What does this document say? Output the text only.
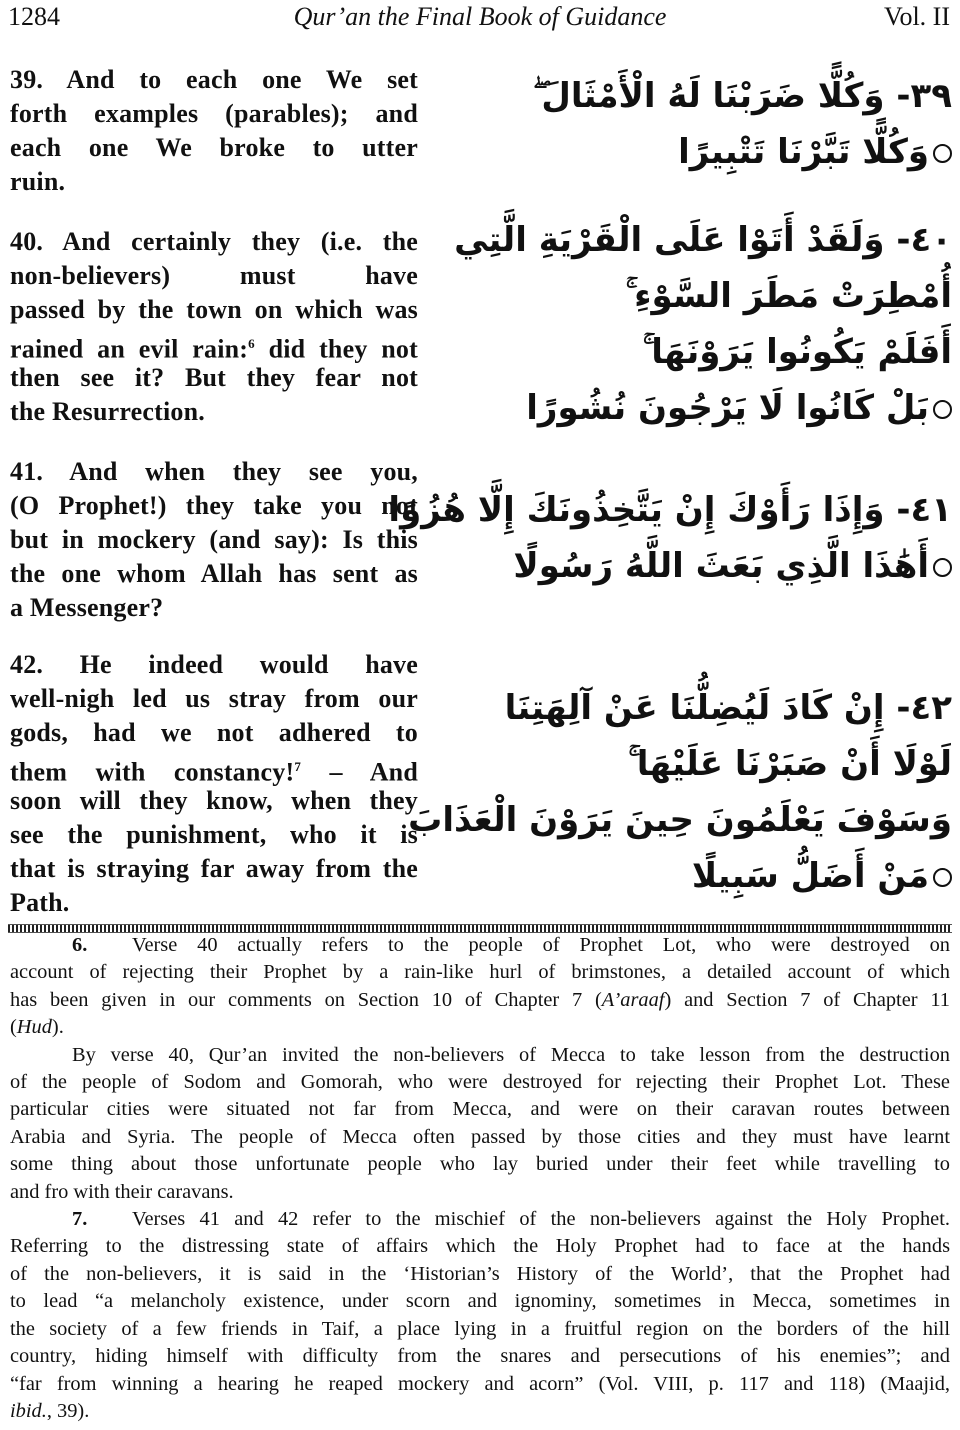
1284	Qur’an the Final Book of Guidance	Vol. II
39. And to each one We set
forth examples (parables); and
each one We broke to utter
ruin.
٣٩- وَكُلًّا ضَرَبْنَا لَهُ الْأَمْثَالَ ۖ
وَكُلًّا تَبَّرْنَا تَتْبِيرًا
40. And certainly they (i.e. the
non-believers) must have
passed by the town on which was
rained an evil rain:$^6$ did they not
then see it? But they fear not
the Resurrection.
٤٠- وَلَقَدْ أَتَوْا عَلَى الْقَرْيَةِ الَّتِي
أُمْطِرَتْ مَطَرَ السَّوْءِ ۚ
أَفَلَمْ يَكُونُوا يَرَوْنَهَا ۚ
بَلْ كَانُوا لَا يَرْجُونَ نُشُورًا
41. And when they see you,
(O Prophet!) they take you not
but in mockery (and say): Is this
the one whom Allah has sent as
a Messenger?
٤١- وَإِذَا رَأَوْكَ إِنْ يَتَّخِذُونَكَ إِلَّا هُزُوًا
أَهَٰذَا الَّذِي بَعَثَ اللَّهُ رَسُولًا
42. He indeed would have
well-nigh led us stray from our
gods, had we not adhered to
them with constancy!$^7$ – And
soon will they know, when they
see the punishment, who it is
that is straying far away from the
Path.
٤٢- إِنْ كَادَ لَيُضِلُّنَا عَنْ آلِهَتِنَا
لَوْلَا أَنْ صَبَرْنَا عَلَيْهَا ۚ
وَسَوْفَ يَعْلَمُونَ حِينَ يَرَوْنَ الْعَذَابَ
مَنْ أَضَلُّ سَبِيلًا

6. Verse 40 actually refers to the people of Prophet Lot, who were destroyed on
account of rejecting their Prophet by a rain-like hurl of brimstones, a detailed account of which
has been given in our comments on Section 10 of Chapter 7 (A’araaf) and Section 7 of Chapter 11
(Hud).

By verse 40, Qur’an invited the non-believers of Mecca to take lesson from the destruction
of the people of Sodom and Gomorah, who were destroyed for rejecting their Prophet Lot. These
particular cities were situated not far from Mecca, and were on their caravan routes between
Arabia and Syria. The people of Mecca often passed by those cities and they must have learnt
some thing about those unfortunate people who lay buried under their feet while travelling to
and fro with their caravans.

7. Verses 41 and 42 refer to the mischief of the non-believers against the Holy Prophet.
Referring to the distressing state of affairs which the Holy Prophet had to face at the hands
of the non-believers, it is said in the ‘Historian’s History of the World’, that the Prophet had
to lead “a melancholy existence, under scorn and ignominy, sometimes in Mecca, sometimes in
the society of a few friends in Taif, a place lying in a fruitful region on the borders of the hill
country, hiding himself with difficulty from the snares and persecutions of his enemies”; and
“far from winning a hearing he reaped mockery and acorn” (Vol. VIII, p. 117 and 118) (Maajid,
ibid., 39).
